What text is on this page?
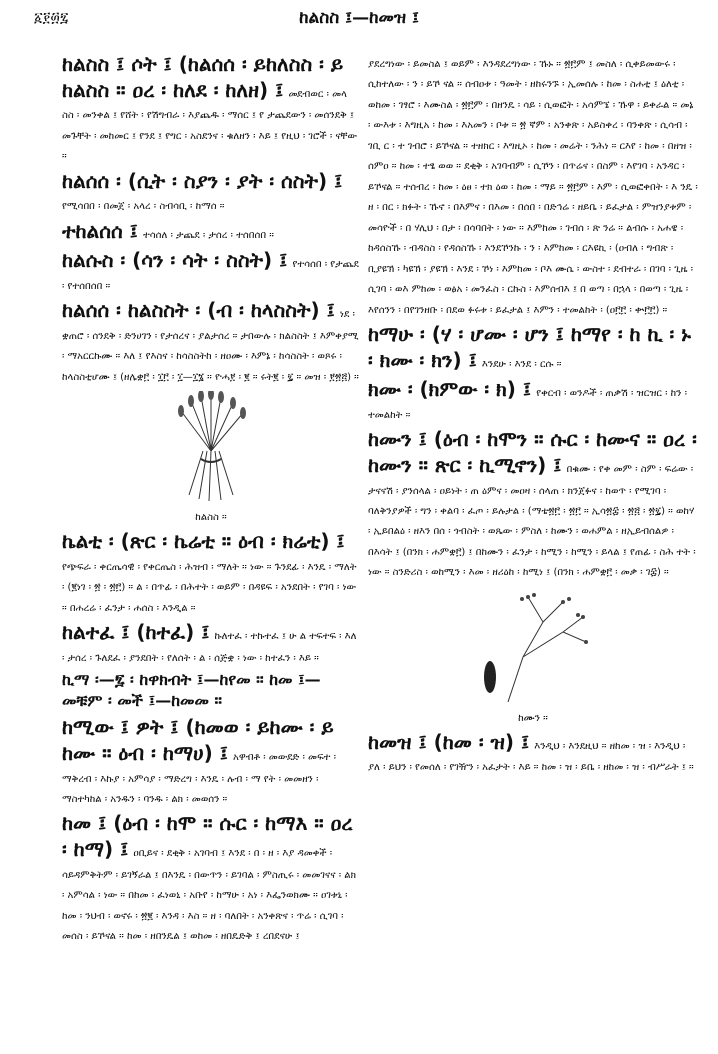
፩፻፴፯	ከልስስ ፤—ከመዝ ፤
ከልስስ ፤ ሶት ፤ (ከልሰሰ ፡ ይከለስስ ፡ ይ ከልስስ ። ዐረ ፡ ከለደ ፡ ከለዘ) ፤ መደብወር ፡ መላ ስስ ፡ መንቀል ፤ የሸት ፡ የሽግብራ ፡ እያጨዱ ፡ ማሰር ፤ የ ታጨደውን ፡ መሰንደቅ ፤ መጉቸት ፡ መከመር ፤ የንደ ፤ የግር ፡ አስደንና ፡ ቁለዘን ፡ እይ ፤ የዚህ ፡ ገሮች ፡ ናቸው ።
ከልሰሰ ፡ (ሲት ፡ ስያን ፡ ያት ፡ ሰስት) ፤ የሚሳበበ ፡ በመጀ ፡ አላረ ፡ ስብሳቢ ፡ ከማሰ ።
ተከልሰሰ ፤ ተሳሰለ ፡ ታጨደ ፡ ታሰረ ፡ ተሰበሰበ ።
ከልሱስ ፡ (ሳን ፡ ሳት ፡ ስስት) ፤ የተሳሰበ ፡ የታጨደ ፡ የተሰበሰበ ።
ከልሰሰ ፡ ከልስስት ፡ (ብ ፡ ከላስስት) ፤ ነደ ፡ ቋጠሮ ፡ ሰንደቅ ፡ ድንሀገን ፡ የታሰረና ፡ ያልታሰረ ። ታበውሉ ፡ ክልስስት ፤ እምቀያሚ ፡ ማአርርኩሙ ። እለ ፤ የእስና ፡ ከሳስስትከ ፡ ዘዐሙ ፡ እምኔ ፡ ከሳስስት ፡ ወጾሩ ፡ ከላስስቲሆሙ ፤ (ዘሌቋ፫ ፡ ፲፫ ፡ ፲—፲፮ ። ዮሓ፻ ፡ ፪ ። ሩት፪ ፡ ፯ ። መዝ ፡ ፻፳፭) ።
ከልስስ ።
ኬልቲ ፡ (ጽር ፡ ኬሬቲ ። ዕብ ፡ ክሬቲ) ፤ የጭፍራ ፡ ቀርጤሳዊ ፡ የቀርጤስ ፡ ሕዝብ ፡ ማለት ። ነው ። ጉንደፊ ፡ እንዴ ፡ ማለት ፡ (፪ነገ ፡ ፳ ፡ ፳፫) ። ል ፡ በጥፊ ፡ በሕተት ፡ ወይም ፡ በዳዩፍ ፡ አንደበት ፡ የገባ ፡ ነው ። በሐረሬ ፡ ፈንታ ፡ ሐሰስ ፡ እንዲል ።
ከልተፈ ፤ (ከተፈ) ፤ ኩለተፈ ፡ ተኩተፈ ፤ ሁ ል ተፍተፍ ፡ እለ ፡ ታሰረ ፡ ጉለደፈ ፡ ያንደበት ፡ የለሰት ፡ ል ፡ ሰጅቋ ፡ ነው ፡ ከተፈን ፡ እይ ።
ኪማ ፡—፯ ፡ ከዋክብት ፤—ከየመ ። ከመ ፤—መቹም ፡ መች ፤—ከመመ ።
ከሚው ፤ ዎት ፤ (ከመወ ፡ ይከሙ ፡ ይ ከሙ ። ዕብ ፡ ከማሀ) ፤ አዋብቶ ፡ መውደድ ፡ መፍተ ፡ ማቅረብ ፡ እኩያ ፡ አምሳያ ፡ ማድረግ ፡ እንዴ ፡ ሉብ ፡ ማ የት ፡ መመዘን ፡ ማስተካከል ፡ አንዱን ፡ ባንዱ ፡ ልክ ፡ መወሰን ።
ከመ ፤ (ዕብ ፡ ከሞ ። ሱር ፡ ከማእ ። ዐረ ፡ ከማ) ፤ ዐቢይና ፡ ደቂቅ ፡ አገባብ ፤ እንደ ፡ በ ፡ ዘ ፡ እያ ዳመቀች ፡ ሳይዳምቅትም ፡ ይገኝራል ፤ በእንዴ ፡ በውጥን ፡ ይገባል ፡ ምስጢሩ ፡ መመገናና ፡ ልክ ፡ አምሳል ፡ ነው ። በከመ ፡ ፈነወኒ ፡ አቡየ ፡ ከማሁ ፡ አነ ፡ እፌንወክሙ ። ዐገቱኒ ፡ ከመ ፡ ንህብ ፡ ወኖሩ ፡ ፳፪ ፡ እንዳ ፡ እስ ። ዘ ፡ ባለበት ፡ አንቀጽና ፡ ጥሬ ፡ ሲገባ ፡ መሰስ ፡ ይኾናል ። ከመ ፡ ዘበንዴል ፤ ወከመ ፡ ዘበዴድቅ ፤ ረበደናሁ ፤
ያደረግነው ፡ ይመስል ፤ ወይም ፡ እንዳደረግነው ፡ ኹኑ ። ፳፫ም ፤ መስለ ፡ ሲቀይመውሩ ፡ ሲከተለው ፡ ን ፡ ይኾ ናል ። ሰብዐቱ ፡ ዓመት ፡ ዘከሩንኙ ፡ ኢመሰሉ ፡ ከመ ፡ ስሐቲ ፤ ዕለቲ ፡ ወከመ ፡ ገፃሮ ፡ እሙስል ፡ ፳፫ም ፡ በዘንዴ ፡ ሳይ ፡ ሲወፎት ፡ አሳምኜ ፡ ኹዋ ፡ ይቀራል ። መኔ ፡ ውእቱ ፡ እግዚአ ፡ ከመ ፡ እአመን ፡ ቦቱ ። ፳ ኛም ፡ አንቀጽ ፡ አይስቀረ ፡ ባንቀጽ ፡ ሲሳብ ፡ ገቢ ር ፡ ተ ገብሮ ፡ ይኾናል ። ተዘክር ፡ እግዚኦ ፡ ከመ ፡ መሬት ፡ ንሕነ ። ርእየ ፡ ከመ ፡ በዘዝ ፡ ሰምዐ ። ከመ ፡ ተፄ ወወ ። ደቂቅ ፡ አገባብም ፡ ሲኾን ፡ በጥሬና ፡ በስም ፡ እየገባ ፡ አንዳር ፡ ይኾናል ። ተሰብረ ፡ ከመ ፡ ዕፀ ፡ ተክ ዕወ ፡ ከመ ፡ ማይ ። ፳፫ም ፡ እም ፡ ሲወፎቀበት ፡ እ ንዴ ፡ ዘ ፡ በር ፡ ክፉት ፡ ኹኖ ፡ በእምና ፡ በእመ ፡ በሰበ ፡ በድኅሬ ፡ ዘይቤ ፡ ይፈታል ፡ ምዝንያቱም ፡ መሳዮች ፡ በ ሃሊህ ፡ በታ ፡ በሳባበት ፡ ነው ። እምከመ ፡ ገብሰ ፡ ጽ ንሬ ። ልብሱ ፡ አሐዌ ፡ ከዳሰስኹ ፡ ብዳስስ ፡ የዳሰስኹ ፡ እንደኾንኩ ፡ ን ፡ እምከመ ፡ ርእዩኪ ፡ (ዐብለ ፡ ግብጽ ፡ ቢያዩኽ ፡ ካዩኽ ፡ ያዩኽ ፡ እንደ ፡ ኾነ ፡ እምከመ ፡ ቦእ ሙሴ ፡ ውስተ ፡ ደብተራ ፡ በገባ ፡ ጊዜ ፡ ሲገባ ፡ ወእ ምከመ ፡ ወፅአ ፡ መንፈስ ፡ ርኩስ ፡ እምሰብእ ፤ በ ወጣ ፡ በኋላ ፡ በወጣ ፡ ጊዜ ፡ እየሰንን ፡ በየገንዘቡ ፡ በደወ ፉሩቱ ፡ ይፈታል ፤ እምን ፡ ተመልከት ፡ (ዐ፫፫ ፡ ቍ፫፫) ።
ከማሁ ፡ (ሃ ፡ ሆሙ ፡ ሆን ፤ ከማየ ፡ ከ ኪ ፡ ኑ ፡ ክሙ ፡ ክን) ፤ እንደሁ ፡ እንደ ፡ ርሱ ።
ክሙ ፡ (ክምው ፡ ክ) ፤ የቀርብ ፡ ወንዶች ፡ ጠቃሽ ፡ ዝርዝር ፡ ከን ፡ ተመልከት ።
ከሙን ፤ (ዕብ ፡ ከሞን ። ሱር ፡ ከሙና ። ዐረ ፡ ከሙን ። ጽር ፡ ኪሚኖን) ፤ በቁሙ ፡ የቀ መም ፡ ስም ፡ ፍሬው ፡ ታናናሽ ፡ ያንሰላል ፡ ዐይነት ፡ ጠ ዕምና ፡ መዐዛ ፡ ሰላጠ ፡ ክንጀፉና ፡ ከወጥ ፡ የሚገባ ፡ ባለቅንያዎች ፡ ግን ፡ ቀልባ ፡ ፈጦ ፡ ይሉታል ፡ (ማቴ፳፫ ፡ ፳፫ ። ኢሳ፳፰ ፡ ፳፭ ፡ ፳፯) ። ወከሃ ፡ ኢይበልዕ ፡ ዘእን በሰ ፡ ጎብስት ፡ ወጼው ፡ ምስለ ፡ ከሙን ፡ ወሐምል ፡ ዘኢይብሰልዎ ፡ በእሳት ፤ (በንክ ፡ ሐምቋ፫) ፤ በከሙን ፡ ፈንታ ፡ ከሚን ፡ ከሚን ፡ ይላል ፤ የጠፊ ፡ ስሕ ተት ፡ ነው ። ስንድሪስ ፡ ወከሚን ፡ እመ ፡ ዘሪዕከ ፡ ከሚነ ፤ (በንክ ፡ ሐምቋ፫ ፡ መቃ ፡ ገ፰) ።
ከሙን ።
ከመዝ ፤ (ከመ ፡ ዝ) ፤ እንዲህ ፡ እንደዚህ ። ዘከመ ፡ ዝ ፡ እንዲህ ፡ ያለ ፡ ይህን ፡ የመሰለ ፡ የገዥን ፡ አፈታት ፡ እይ ። ከመ ፡ ዝ ፡ ይቤ ፡ ዘከመ ፡ ዝ ፡ ብሥራት ፤ ።
